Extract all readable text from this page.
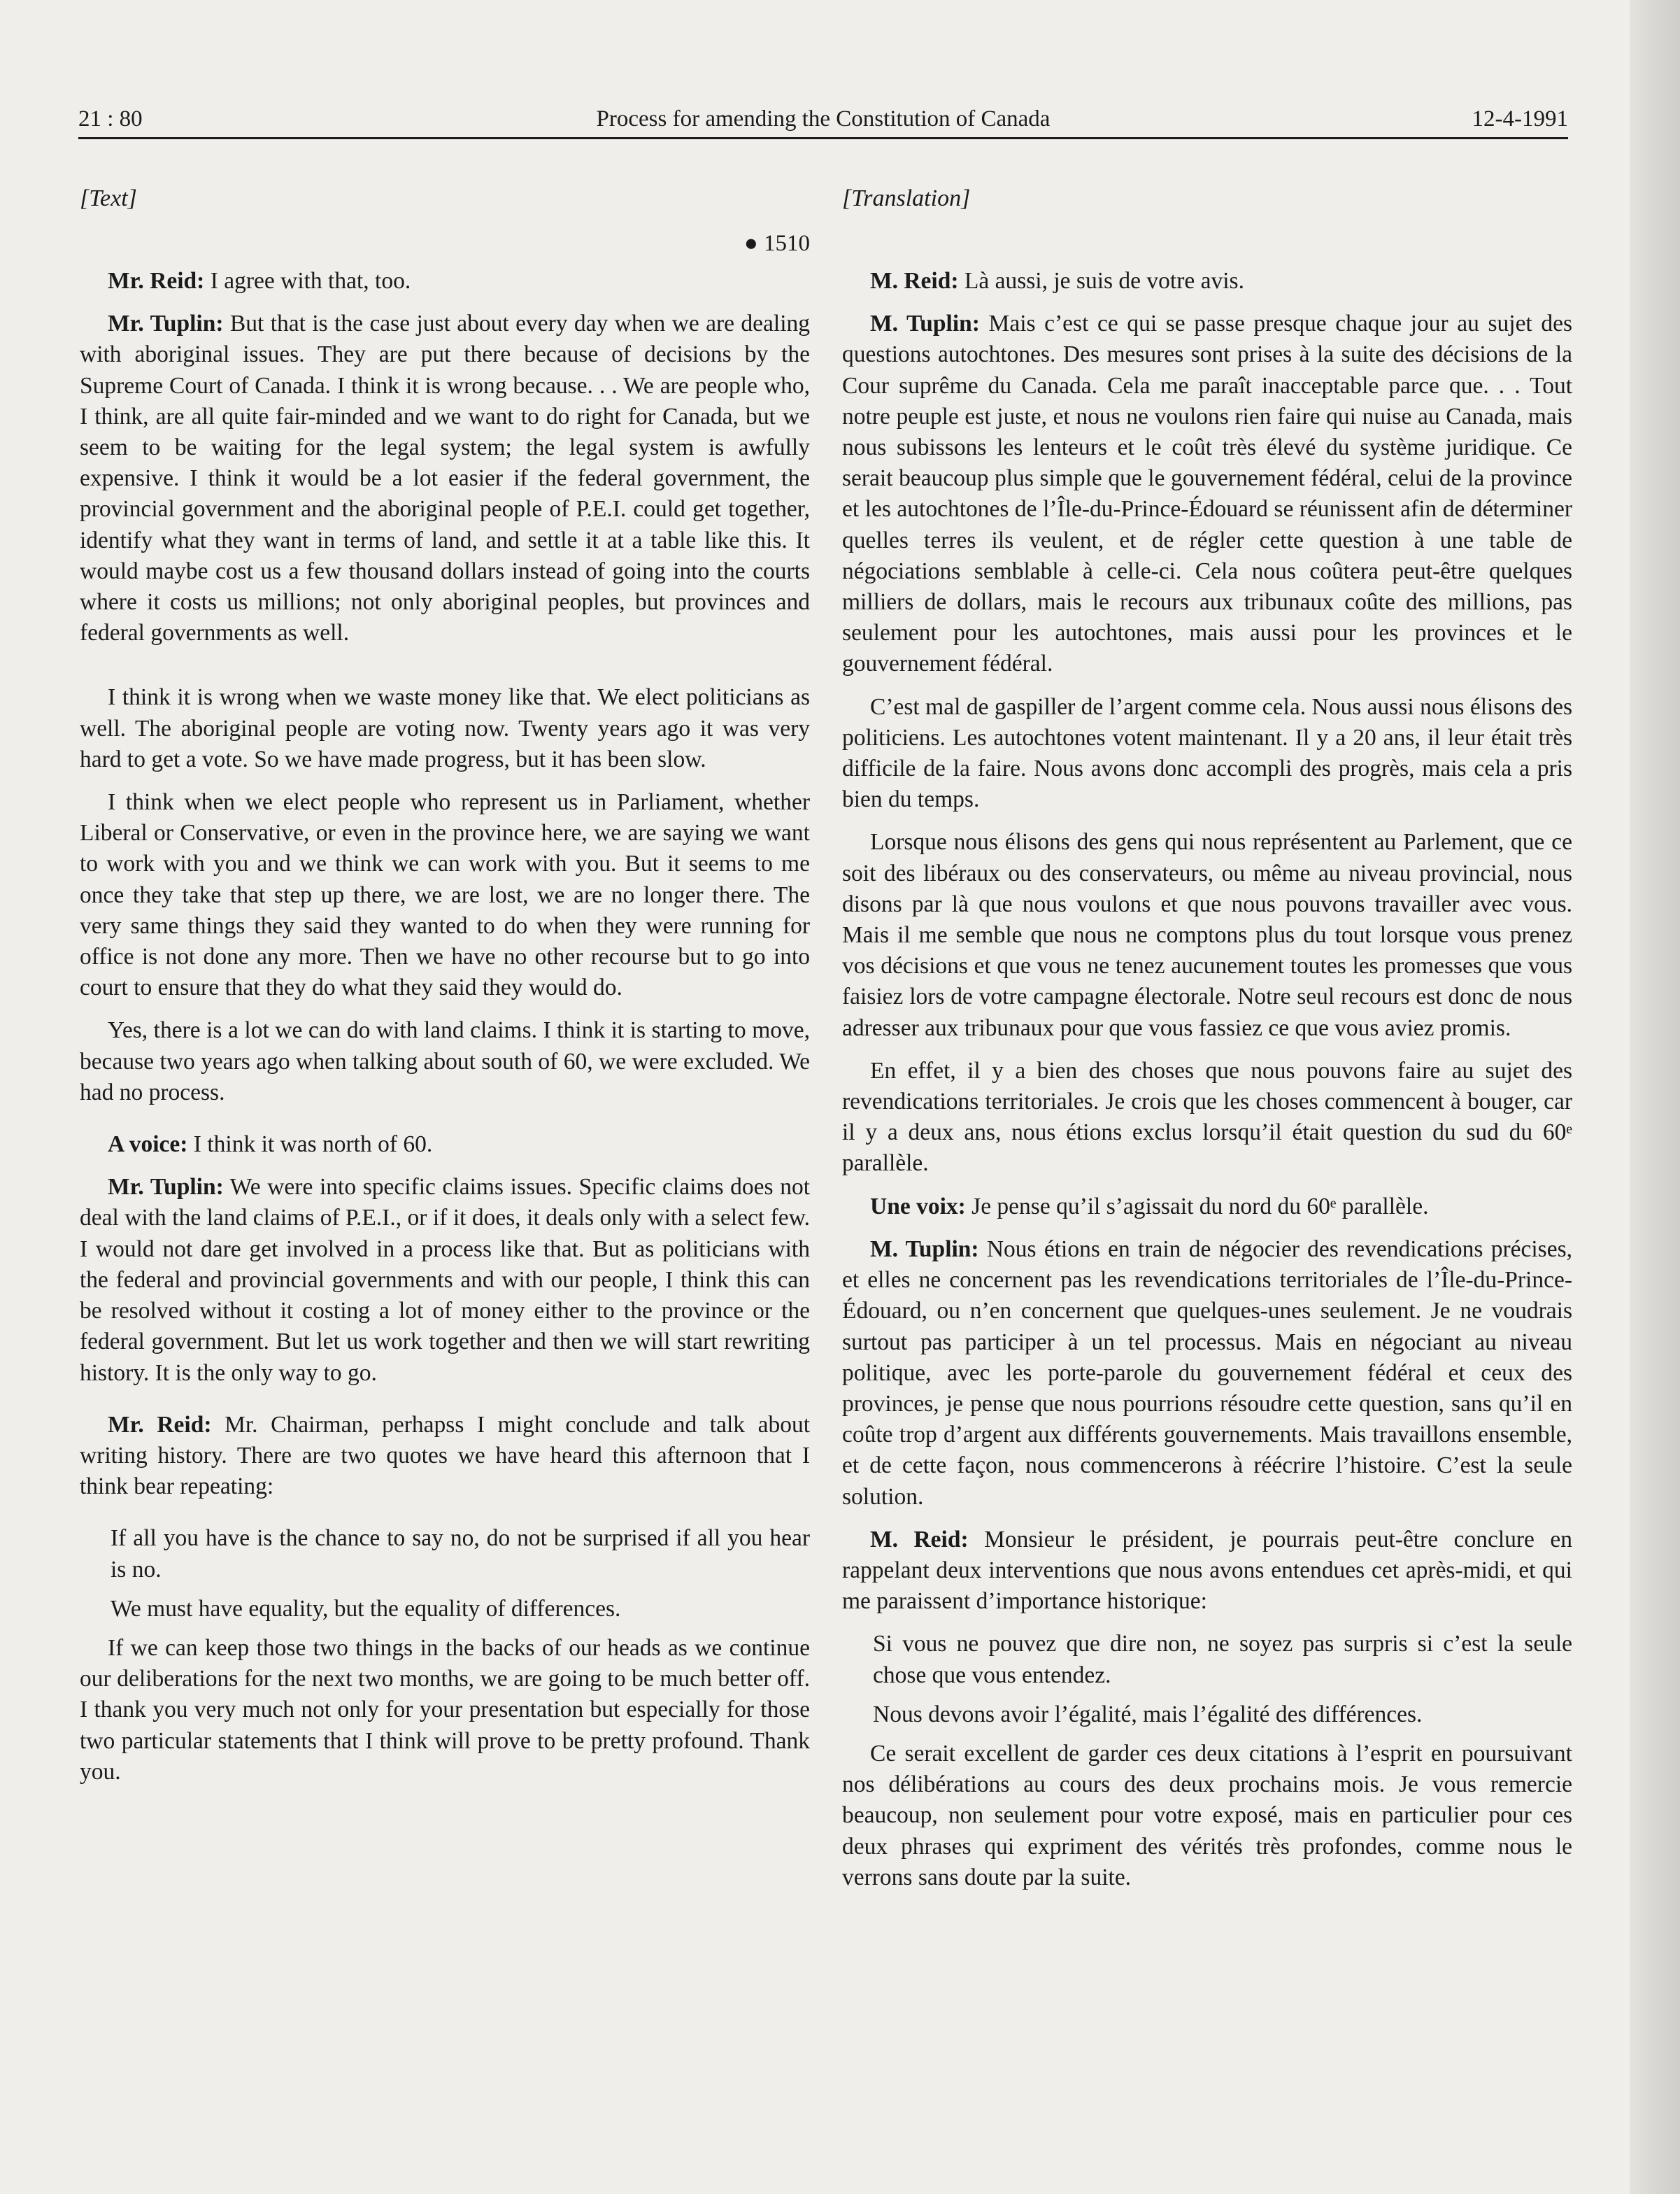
21 : 80	Process for amending the Constitution of Canada	12-4-1991
[Text]
● 1510

Mr. Reid: I agree with that, too.

Mr. Tuplin: But that is the case just about every day when we are dealing with aboriginal issues. They are put there because of decisions by the Supreme Court of Canada. I think it is wrong because. . . We are people who, I think, are all quite fair-minded and we want to do right for Canada, but we seem to be waiting for the legal system; the legal system is awfully expensive. I think it would be a lot easier if the federal government, the provincial government and the aboriginal people of P.E.I. could get together, identify what they want in terms of land, and settle it at a table like this. It would maybe cost us a few thousand dollars instead of going into the courts where it costs us millions; not only aboriginal peoples, but provinces and federal governments as well.

I think it is wrong when we waste money like that. We elect politicians as well. The aboriginal people are voting now. Twenty years ago it was very hard to get a vote. So we have made progress, but it has been slow.

I think when we elect people who represent us in Parliament, whether Liberal or Conservative, or even in the province here, we are saying we want to work with you and we think we can work with you. But it seems to me once they take that step up there, we are lost, we are no longer there. The very same things they said they wanted to do when they were running for office is not done any more. Then we have no other recourse but to go into court to ensure that they do what they said they would do.

Yes, there is a lot we can do with land claims. I think it is starting to move, because two years ago when talking about south of 60, we were excluded. We had no process.

A voice: I think it was north of 60.

Mr. Tuplin: We were into specific claims issues. Specific claims does not deal with the land claims of P.E.I., or if it does, it deals only with a select few. I would not dare get involved in a process like that. But as politicians with the federal and provincial governments and with our people, I think this can be resolved without it costing a lot of money either to the province or the federal government. But let us work together and then we will start rewriting history. It is the only way to go.

Mr. Reid: Mr. Chairman, perhapss I might conclude and talk about writing history. There are two quotes we have heard this afternoon that I think bear repeating:

If all you have is the chance to say no, do not be surprised if all you hear is no.

We must have equality, but the equality of differences.

If we can keep those two things in the backs of our heads as we continue our deliberations for the next two months, we are going to be much better off. I thank you very much not only for your presentation but especially for those two particular statements that I think will prove to be pretty profound. Thank you.

[Translation]

M. Reid: Là aussi, je suis de votre avis.

M. Tuplin: Mais c’est ce qui se passe presque chaque jour au sujet des questions autochtones. Des mesures sont prises à la suite des décisions de la Cour suprême du Canada. Cela me paraît inacceptable parce que. . . Tout notre peuple est juste, et nous ne voulons rien faire qui nuise au Canada, mais nous subissons les lenteurs et le coût très élevé du système juridique. Ce serait beaucoup plus simple que le gouvernement fédéral, celui de la province et les autochtones de l’Île-du-Prince-Édouard se réunissent afin de déterminer quelles terres ils veulent, et de régler cette question à une table de négociations semblable à celle-ci. Cela nous coûtera peut-être quelques milliers de dollars, mais le recours aux tribunaux coûte des millions, pas seulement pour les autochtones, mais aussi pour les provinces et le gouvernement fédéral.

C’est mal de gaspiller de l’argent comme cela. Nous aussi nous élisons des politiciens. Les autochtones votent maintenant. Il y a 20 ans, il leur était très difficile de la faire. Nous avons donc accompli des progrès, mais cela a pris bien du temps.

Lorsque nous élisons des gens qui nous représentent au Parlement, que ce soit des libéraux ou des conservateurs, ou même au niveau provincial, nous disons par là que nous voulons et que nous pouvons travailler avec vous. Mais il me semble que nous ne comptons plus du tout lorsque vous prenez vos décisions et que vous ne tenez aucunement toutes les promesses que vous faisiez lors de votre campagne électorale. Notre seul recours est donc de nous adresser aux tribunaux pour que vous fassiez ce que vous aviez promis.

En effet, il y a bien des choses que nous pouvons faire au sujet des revendications territoriales. Je crois que les choses commencent à bouger, car il y a deux ans, nous étions exclus lorsqu’il était question du sud du 60ᵉ parallèle.

Une voix: Je pense qu’il s’agissait du nord du 60ᵉ parallèle.

M. Tuplin: Nous étions en train de négocier des revendications précises, et elles ne concernent pas les revendications territoriales de l’Île-du-Prince-Édouard, ou n’en concernent que quelques-unes seulement. Je ne voudrais surtout pas participer à un tel processus. Mais en négociant au niveau politique, avec les porte-parole du gouvernement fédéral et ceux des provinces, je pense que nous pourrions résoudre cette question, sans qu’il en coûte trop d’argent aux différents gouvernements. Mais travaillons ensemble, et de cette façon, nous commencerons à réécrire l’histoire. C’est la seule solution.

M. Reid: Monsieur le président, je pourrais peut-être conclure en rappelant deux interventions que nous avons entendues cet après-midi, et qui me paraissent d’importance historique:

Si vous ne pouvez que dire non, ne soyez pas surpris si c’est la seule chose que vous entendez.

Nous devons avoir l’égalité, mais l’égalité des différences.

Ce serait excellent de garder ces deux citations à l’esprit en poursuivant nos délibérations au cours des deux prochains mois. Je vous remercie beaucoup, non seulement pour votre exposé, mais en particulier pour ces deux phrases qui expriment des vérités très profondes, comme nous le verrons sans doute par la suite.
